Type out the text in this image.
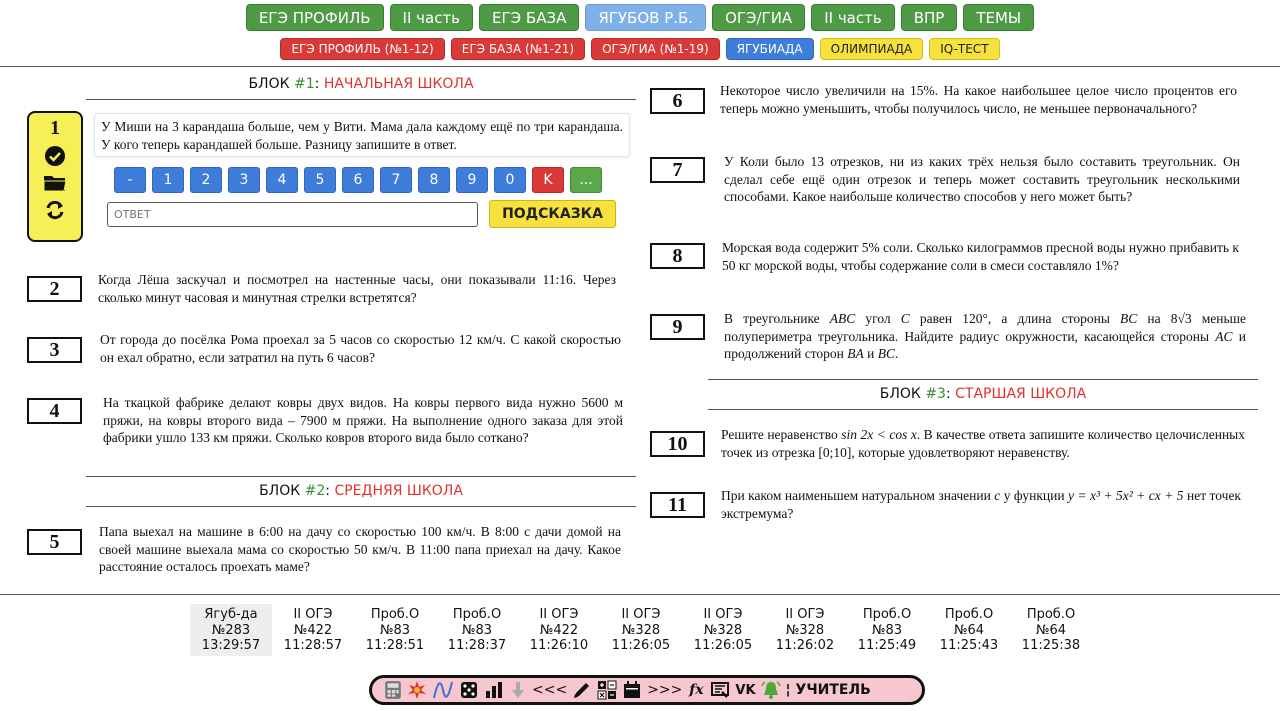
ЕГЭ ПРОФИЛЬ	II часть	ЕГЭ БАЗА	ЯГУБОВ Р.Б.	ОГЭ/ГИА	II часть	ВПР	ТЕМЫ
ЕГЭ ПРОФИЛЬ (№1-12)	ЕГЭ БАЗА (№1-21)	ОГЭ/ГИА (№1-19)	ЯГУБИАДА	ОЛИМПИАДА	IQ-ТЕСТ
БЛОК #1: НАЧАЛЬНАЯ ШКОЛА
1	У Миши на 3 карандаша больше, чем у Вити. Мама дала каждому ещё по три карандаша. У кого теперь карандашей больше. Разницу запишите в ответ.
-	1	2	3	4	5	6	7	8	9	0	K	...
ОТВЕТ
ПОДСКАЗКА
2	Когда Лёша заскучал и посмотрел на настенные часы, они показывали 11:16. Через сколько минут часовая и минутная стрелки встретятся?
3	От города до посёлка Рома проехал за 5 часов со скоростью 12 км/ч. С какой скоростью он ехал обратно, если затратил на путь 6 часов?
4	На ткацкой фабрике делают ковры двух видов. На ковры первого вида нужно 5600 м пряжи, на ковры второго вида – 7900 м пряжи. На выполнение одного заказа для этой фабрики ушло 133 км пряжи. Сколько ковров второго вида было соткано?
БЛОК #2: СРЕДНЯЯ ШКОЛА
5	Папа выехал на машине в 6:00 на дачу со скоростью 100 км/ч. В 8:00 с дачи домой на своей машине выехала мама со скоростью 50 км/ч. В 11:00 папа приехал на дачу. Какое расстояние осталось проехать маме?
6	Некоторое число увеличили на 15%. На какое наибольшее целое число процентов его теперь можно уменьшить, чтобы получилось число, не меньшее первоначального?
7	У Коли было 13 отрезков, ни из каких трёх нельзя было составить треугольник. Он сделал себе ещё один отрезок и теперь может составить треугольник несколькими способами. Какое наибольше количество способов у него может быть?
8	Морская вода содержит 5% соли. Сколько килограммов пресной воды нужно прибавить к 50 кг морской воды, чтобы содержание соли в смеси составляло 1%?
9	В треугольнике ABC угол C равен 120°, а длина стороны BC на 8√3 меньше полупериметра треугольника. Найдите радиус окружности, касающейся стороны AC и продолжений сторон BA и BC.
БЛОК #3: СТАРШАЯ ШКОЛА
10	Решите неравенство sin 2x < cos x. В качестве ответа запишите количество целочисленных точек из отрезка [0;10], которые удовлетворяют неравенству.
11	При каком наименьшем натуральном значении c у функции y = x³ + 5x² + cx + 5 нет точек экстремума?
Ягуб-да
№283
13:29:57
II ОГЭ
№422
11:28:57
Проб.О
№83
11:28:51
Проб.О
№83
11:28:37
II ОГЭ
№422
11:26:10
II ОГЭ
№328
11:26:05
II ОГЭ
№328
11:26:05
II ОГЭ
№328
11:26:02
Проб.О
№83
11:25:49
Проб.О
№64
11:25:43
Проб.О
№64
11:25:38
<<<	>>> fx VK ¦ УЧИТЕЛЬ
